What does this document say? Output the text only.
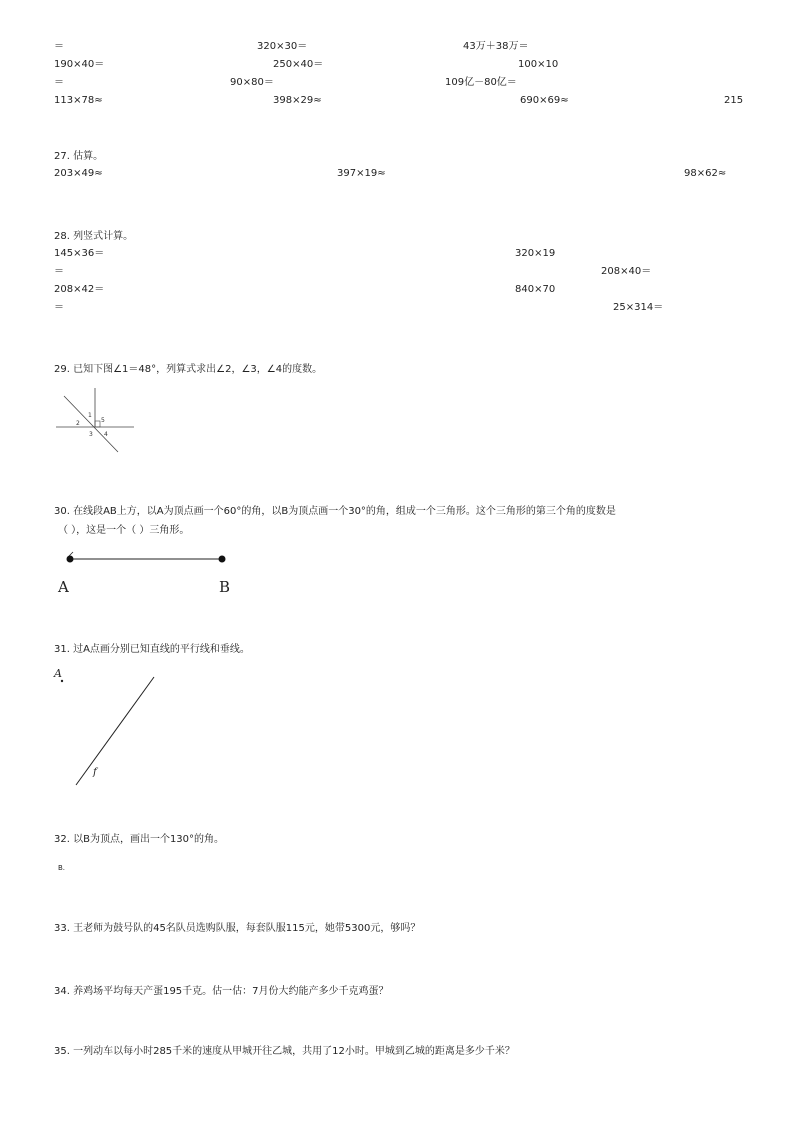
＝	320×30＝	43万＋38万＝
190×40＝	250×40＝	100×10
＝	90×80＝	109亿－80亿＝
113×78≈	398×29≈	690×69≈	215
27. 估算。
203×49≈	397×19≈	98×62≈
28. 列竖式计算。
145×36＝	320×19
＝	208×40＝
208×42＝	840×70
＝	25×314＝
29. 已知下图∠1＝48°，列算式求出∠2，∠3，∠4的度数。
1
2
3 4
5
30. 在线段AB上方，以A为顶点画一个60°的角，以B为顶点画一个30°的角，组成一个三角形。这个三角形的第三个角的度数是
（ ），这是一个（ ）三角形。
A	B
31. 过A点画分别已知直线的平行线和垂线。
A
f
32. 以B为顶点，画出一个130°的角。
B.
33. 王老师为鼓号队的45名队员选购队服，每套队服115元，她带5300元，够吗？
34. 养鸡场平均每天产蛋195千克。估一估：7月份大约能产多少千克鸡蛋？
35. 一列动车以每小时285千米的速度从甲城开往乙城，共用了12小时。甲城到乙城的距离是多少千米？
